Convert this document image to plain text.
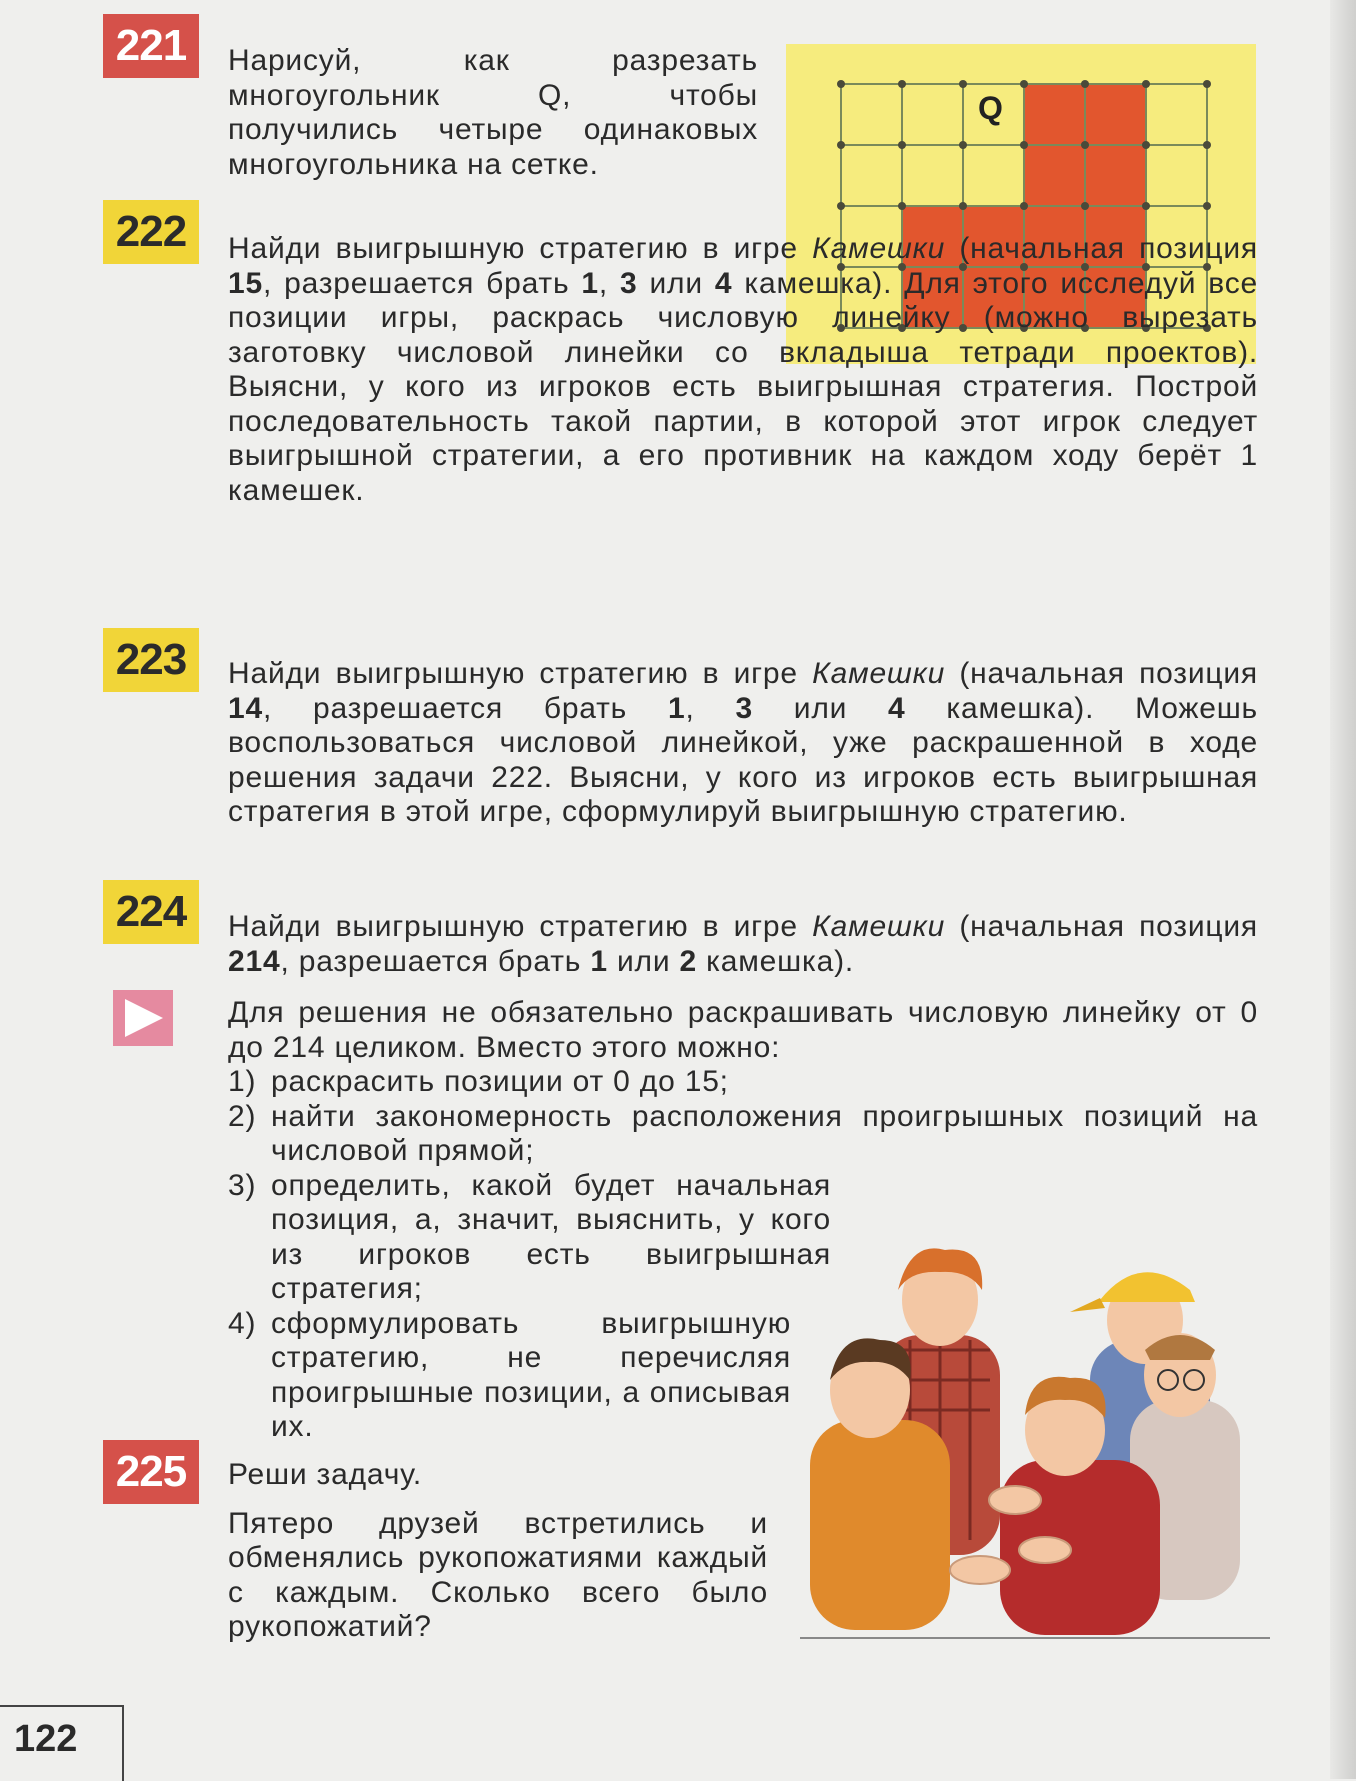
221	Нарисуй, как разрезать многоугольник Q, чтобы получились четыре одинаковых многоугольника на сетке.

Q
222	Найди выигрышную стратегию в игре Камешки (начальная позиция 15, разрешается брать 1, 3 или 4 камешка). Для этого исследуй все позиции игры, раскрась числовую линейку (можно вырезать заготовку числовой линейки со вкладыша тетради проектов). Выясни, у кого из игроков есть выигрышная стратегия. Построй последовательность такой партии, в которой этот игрок следует выигрышной стратегии, а его противник на каждом ходу берёт 1 камешек.

223	Найди выигрышную стратегию в игре Камешки (начальная позиция 14, разрешается брать 1, 3 или 4 камешка). Можешь воспользоваться числовой линейкой, уже раскрашенной в ходе решения задачи 222. Выясни, у кого из игроков есть выигрышная стратегия в этой игре, сформулируй выигрышную стратегию.

224	Найди выигрышную стратегию в игре Камешки (начальная позиция 214, разрешается брать 1 или 2 камешка).

Для решения не обязательно раскрашивать числовую линейку от 0 до 214 целиком. Вместо этого можно:

1) раскрасить позиции от 0 до 15;
2) найти закономерность расположения проигрышных позиций на числовой прямой;
3) определить, какой будет начальная позиция, а, значит, выяснить, у кого из игроков есть выигрышная стратегия;
4) сформулировать выигрышную стратегию, не перечисляя проигрышные позиции, а описывая их.
225	Реши задачу.

Пятеро друзей встретились и обменялись рукопожатиями каждый с каждым. Сколько всего было рукопожатий?

122
